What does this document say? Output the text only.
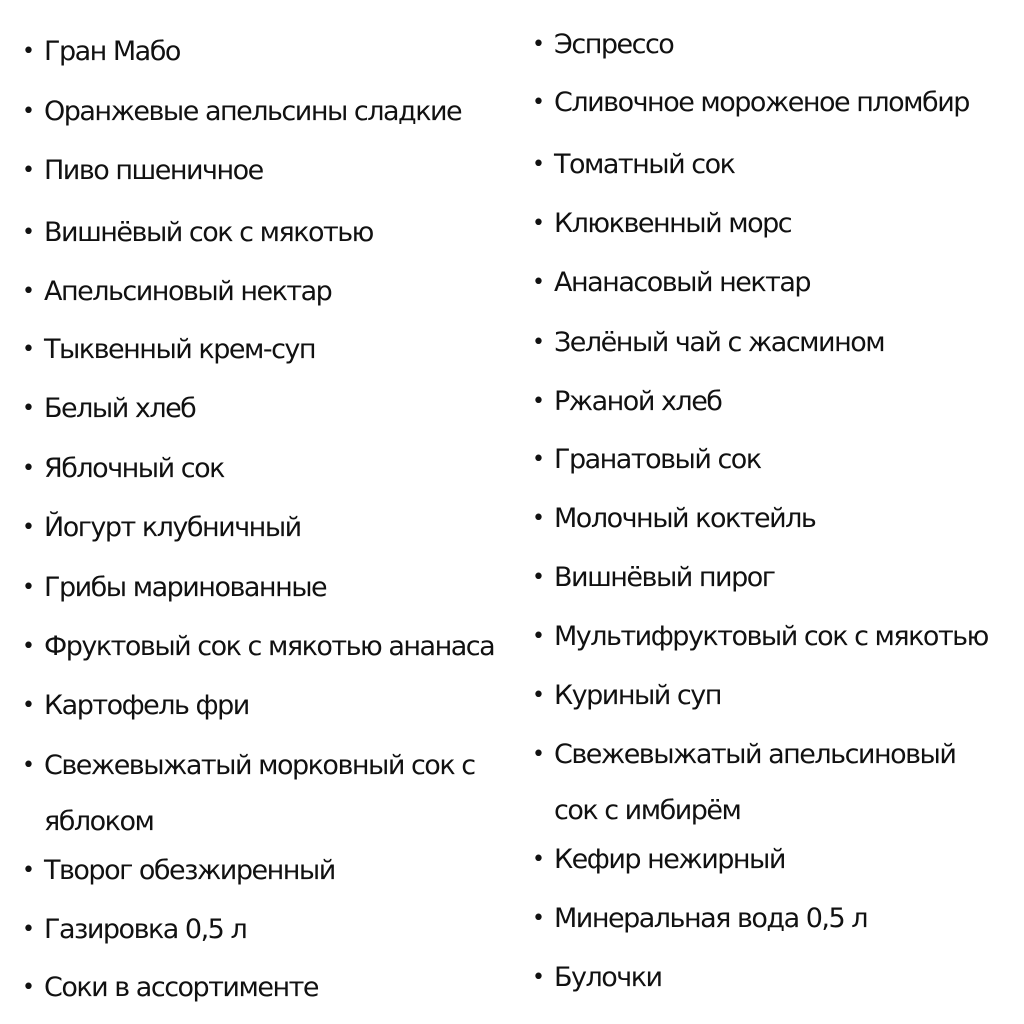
• Гран Мабо
• Оранжевые апельсины сладкие
• Пиво пшеничное
• Вишнёвый сок с мякотью
• Апельсиновый нектар
• Тыквенный крем-суп
• Белый хлеб
• Яблочный сок
• Йогурт клубничный
• Грибы маринованные
• Фруктовый сок с мякотью ананаса
• Картофель фри
• Свежевыжатый морковный сок с яблоком
• Творог обезжиренный
• Газировка 0,5 л
• Соки в ассортименте
• Эспрессо
• Сливочное мороженое пломбир
• Томатный сок
• Клюквенный морс
• Ананасовый нектар
• Зелёный чай с жасмином
• Ржаной хлеб
• Гранатовый сок
• Молочный коктейль
• Вишнёвый пирог
• Мультифруктовый сок с мякотью
• Куриный суп
• Свежевыжатый апельсиновый сок с имбирём
• Кефир нежирный
• Минеральная вода 0,5 л
• Булочки
